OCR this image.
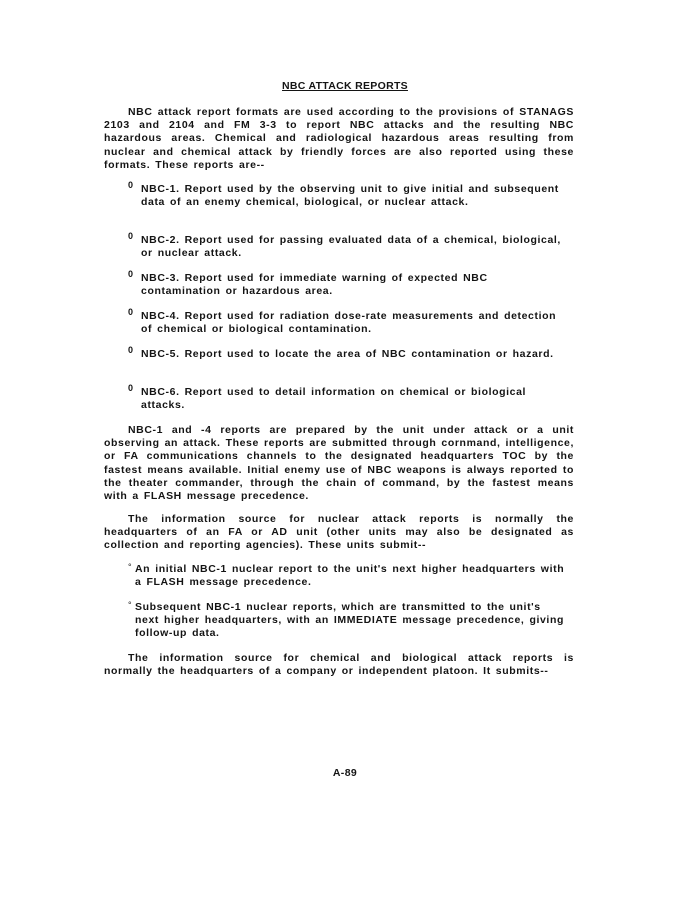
NBC ATTACK REPORTS

NBC attack report formats are used according to the provisions of STANAGS 2103 and 2104 and FM 3-3 to report NBC attacks and the resulting NBC hazardous areas. Chemical and radiological hazardous areas resulting from nuclear and chemical attack by friendly forces are also reported using these formats. These reports are--

0 NBC-1. Report used by the observing unit to give initial and subsequent data of an enemy chemical, biological, or nuclear attack.
0 NBC-2. Report used for passing evaluated data of a chemical, biological, or nuclear attack.
0 NBC-3. Report used for immediate warning of expected NBC contamination or hazardous area.
0 NBC-4. Report used for radiation dose-rate measurements and detection of chemical or biological contamination.
0 NBC-5. Report used to locate the area of NBC contamination or hazard.
0 NBC-6. Report used to detail information on chemical or biological attacks.

NBC-1 and -4 reports are prepared by the unit under attack or a unit observing an attack. These reports are submitted through cornmand, intelligence, or FA communications channels to the designated headquarters TOC by the fastest means available. Initial enemy use of NBC weapons is always reported to the theater commander, through the chain of command, by the fastest means with a FLASH message precedence.

The information source for nuclear attack reports is normally the headquarters of an FA or AD unit (other units may also be designated as collection and reporting agencies). These units submit--

° An initial NBC-1 nuclear report to the unit's next higher headquarters with a FLASH message precedence.
° Subsequent NBC-1 nuclear reports, which are transmitted to the unit's next higher headquarters, with an IMMEDIATE message precedence, giving follow-up data.

The information source for chemical and biological attack reports is normally the headquarters of a company or independent platoon. It submits--

A-89
